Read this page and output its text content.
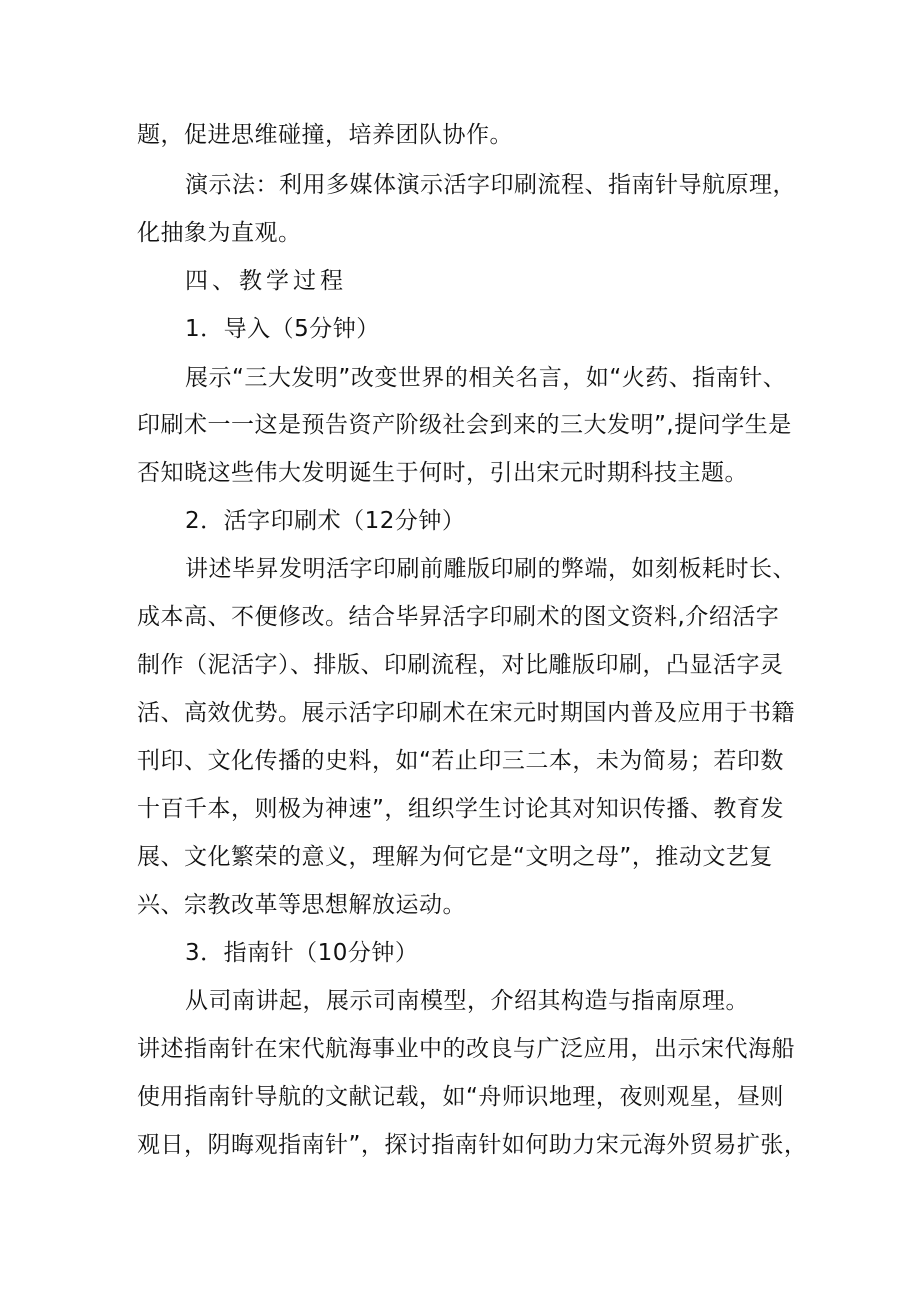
题，促进思维碰撞，培养团队协作。
演示法：利用多媒体演示活字印刷流程、指南针导航原理，
化抽象为直观。
四、教学过程
1．导入（5分钟）
展示“三大发明”改变世界的相关名言，如“火药、指南针、
印刷术一一这是预告资产阶级社会到来的三大发明”,提问学生是
否知晓这些伟大发明诞生于何时，引出宋元时期科技主题。
2．活字印刷术（12分钟）
讲述毕昇发明活字印刷前雕版印刷的弊端，如刻板耗时长、
成本高、不便修改。结合毕昇活字印刷术的图文资料,介绍活字
制作（泥活字）、排版、印刷流程，对比雕版印刷，凸显活字灵
活、高效优势。展示活字印刷术在宋元时期国内普及应用于书籍
刊印、文化传播的史料，如“若止印三二本，未为简易；若印数
十百千本，则极为神速”，组织学生讨论其对知识传播、教育发
展、文化繁荣的意义，理解为何它是“文明之母”，推动文艺复
兴、宗教改革等思想解放运动。
3．指南针（10分钟）
从司南讲起，展示司南模型，介绍其构造与指南原理。
讲述指南针在宋代航海事业中的改良与广泛应用，出示宋代海船
使用指南针导航的文献记载，如“舟师识地理，夜则观星，昼则
观日，阴晦观指南针”，探讨指南针如何助力宋元海外贸易扩张，
